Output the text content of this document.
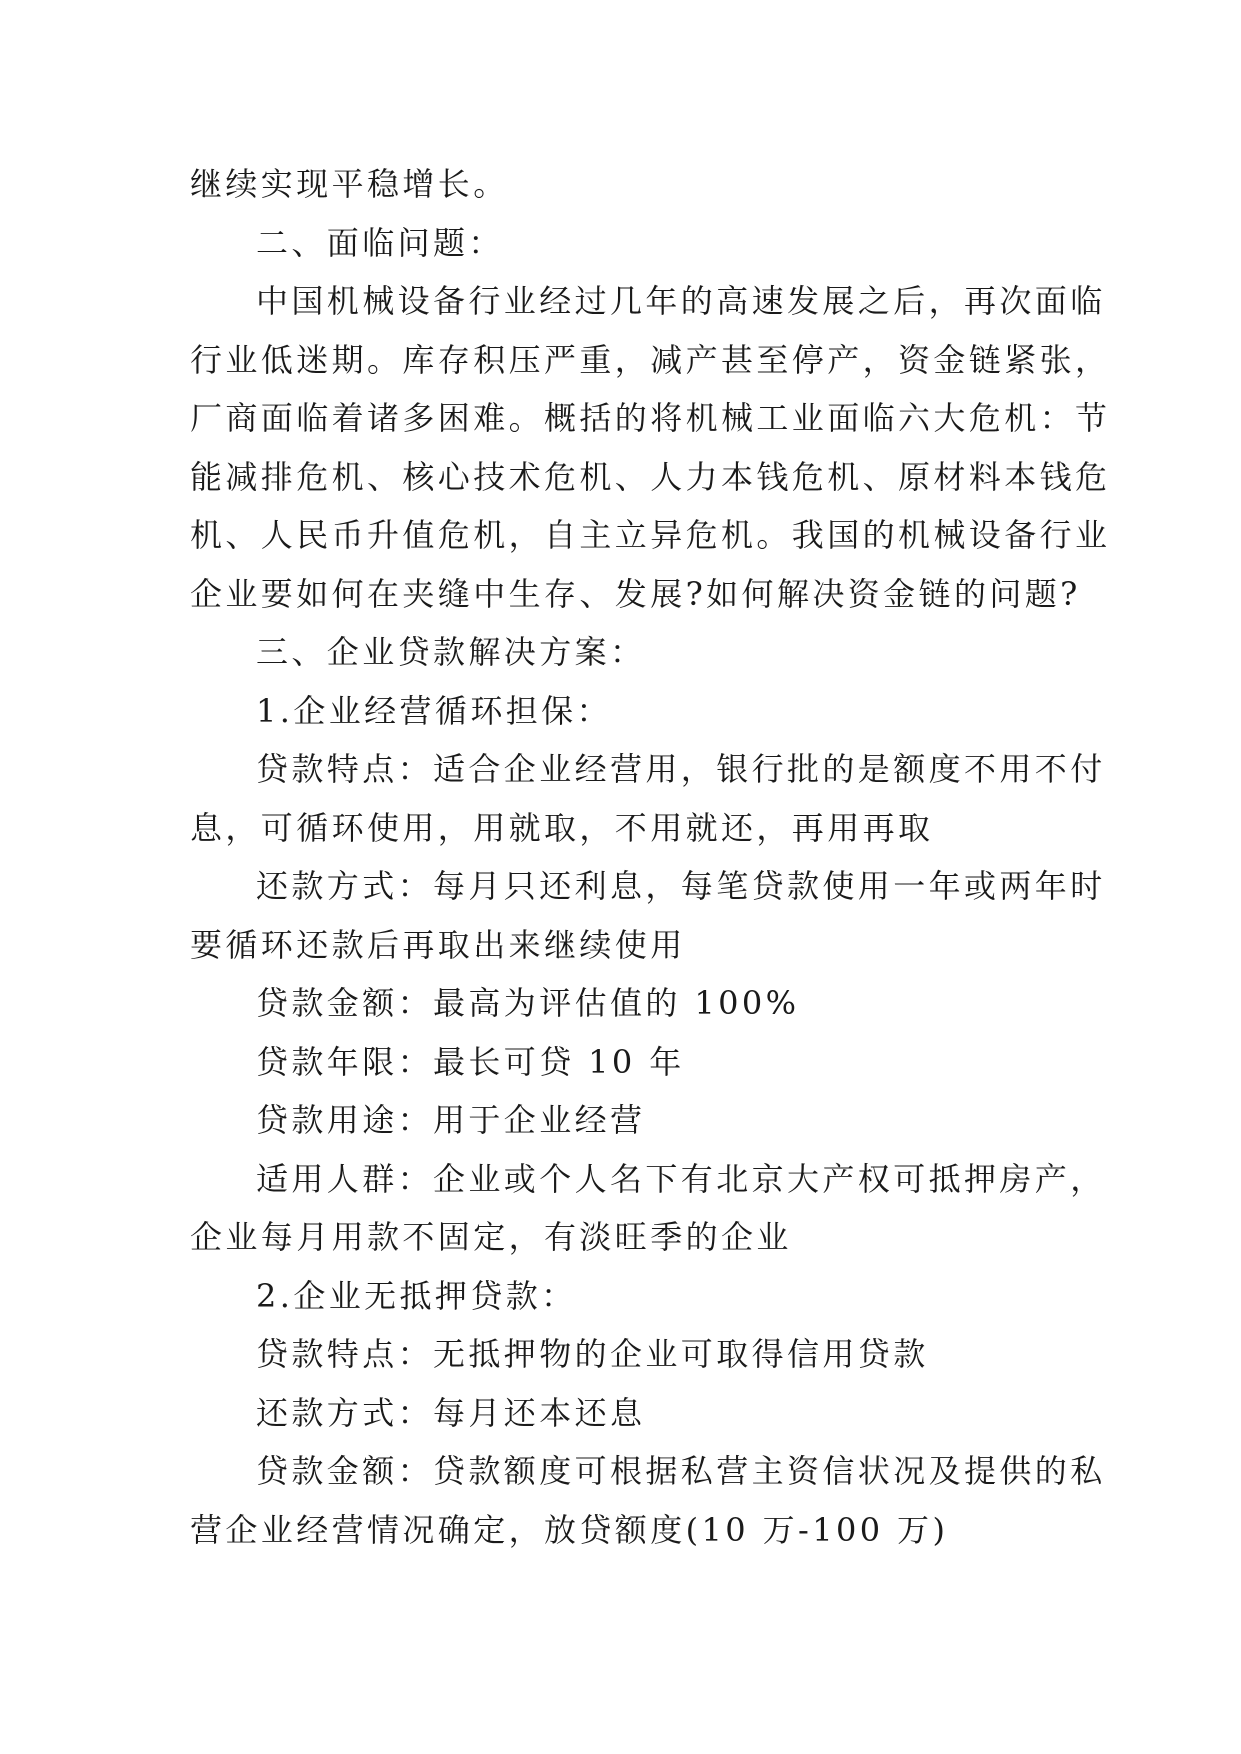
继续实现平稳增长。

二、面临问题：

中国机械设备行业经过几年的高速发展之后，再次面临

行业低迷期。库存积压严重，减产甚至停产，资金链紧张，

厂商面临着诸多困难。概括的将机械工业面临六大危机：节

能减排危机、核心技术危机、人力本钱危机、原材料本钱危

机、人民币升值危机，自主立异危机。我国的机械设备行业

企业要如何在夹缝中生存、发展?如何解决资金链的问题?

三、企业贷款解决方案：

1.企业经营循环担保：

贷款特点：适合企业经营用，银行批的是额度不用不付

息，可循环使用，用就取，不用就还，再用再取

还款方式：每月只还利息，每笔贷款使用一年或两年时

要循环还款后再取出来继续使用

贷款金额：最高为评估值的 100%

贷款年限：最长可贷 10 年

贷款用途：用于企业经营

适用人群：企业或个人名下有北京大产权可抵押房产，

企业每月用款不固定，有淡旺季的企业

2.企业无抵押贷款：

贷款特点：无抵押物的企业可取得信用贷款

还款方式：每月还本还息

贷款金额：贷款额度可根据私营主资信状况及提供的私

营企业经营情况确定，放贷额度(10 万-100 万)
